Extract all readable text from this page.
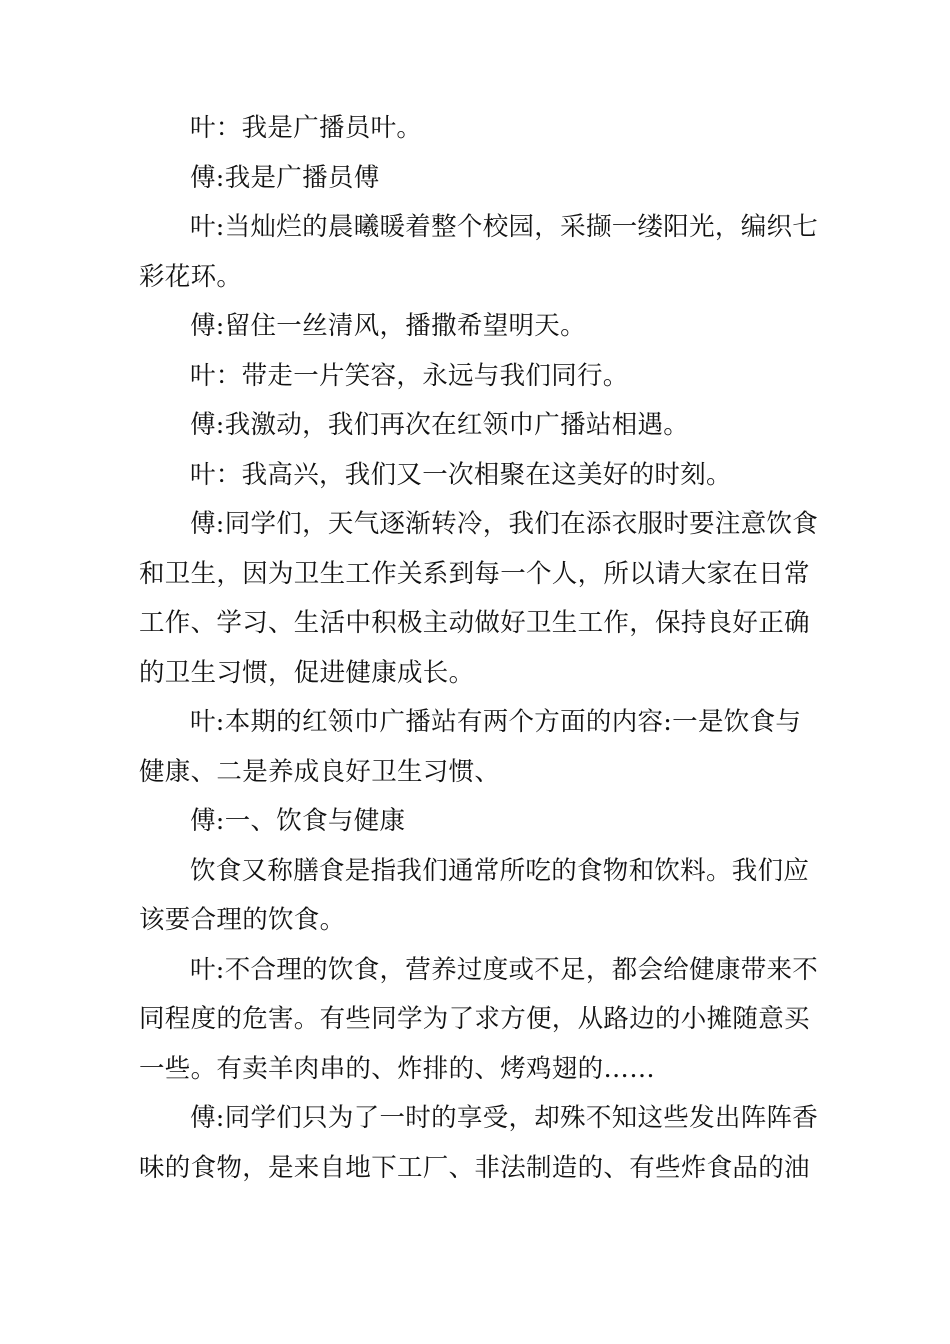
叶：我是广播员叶。

傅:我是广播员傅

叶:当灿烂的晨曦暖着整个校园，采撷一缕阳光，编织七彩花环。

傅:留住一丝清风，播撒希望明天。

叶：带走一片笑容，永远与我们同行。

傅:我激动，我们再次在红领巾广播站相遇。

叶：我高兴，我们又一次相聚在这美好的时刻。

傅:同学们，天气逐渐转冷，我们在添衣服时要注意饮食和卫生，因为卫生工作关系到每一个人，所以请大家在日常工作、学习、生活中积极主动做好卫生工作，保持良好正确的卫生习惯，促进健康成长。

叶:本期的红领巾广播站有两个方面的内容:一是饮食与健康、二是养成良好卫生习惯、

傅:一、饮食与健康

饮食又称膳食是指我们通常所吃的食物和饮料。我们应该要合理的饮食。

叶:不合理的饮食，营养过度或不足，都会给健康带来不同程度的危害。有些同学为了求方便，从路边的小摊随意买一些。有卖羊肉串的、炸排的、烤鸡翅的……

傅:同学们只为了一时的享受，却殊不知这些发出阵阵香味的食物，是来自地下工厂、非法制造的、有些炸食品的油
